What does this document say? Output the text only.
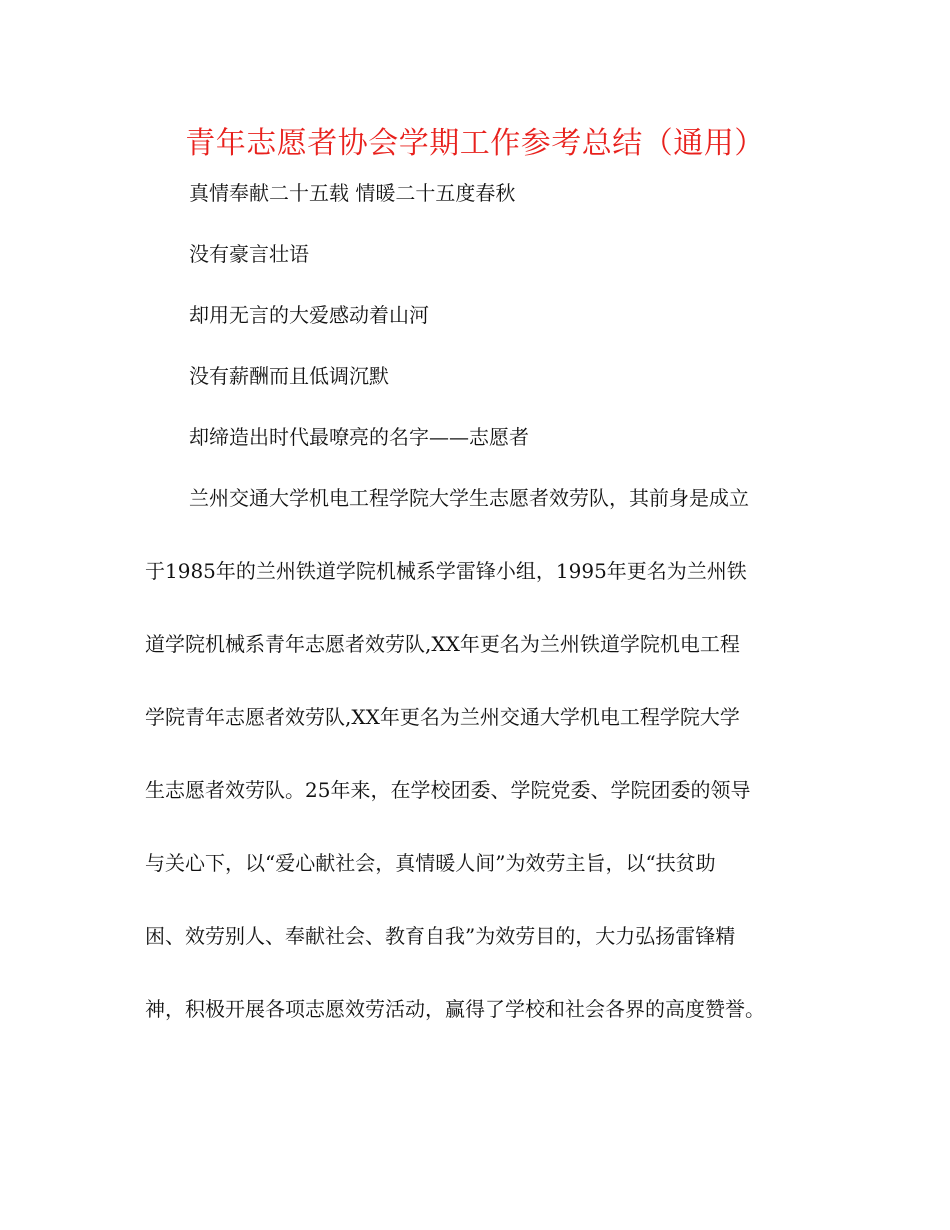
青年志愿者协会学期工作参考总结（通用）
真情奉献二十五载 情暖二十五度春秋
没有豪言壮语
却用无言的大爱感动着山河
没有薪酬而且低调沉默
却缔造出时代最嘹亮的名字——志愿者
兰州交通大学机电工程学院大学生志愿者效劳队，其前身是成立
于1985年的兰州铁道学院机械系学雷锋小组，1995年更名为兰州铁
道学院机械系青年志愿者效劳队,XX年更名为兰州铁道学院机电工程
学院青年志愿者效劳队,XX年更名为兰州交通大学机电工程学院大学
生志愿者效劳队。25年来，在学校团委、学院党委、学院团委的领导
与关心下，以“爱心献社会，真情暖人间”为效劳主旨，以“扶贫助
困、效劳别人、奉献社会、教育自我”为效劳目的，大力弘扬雷锋精
神，积极开展各项志愿效劳活动，赢得了学校和社会各界的高度赞誉。
